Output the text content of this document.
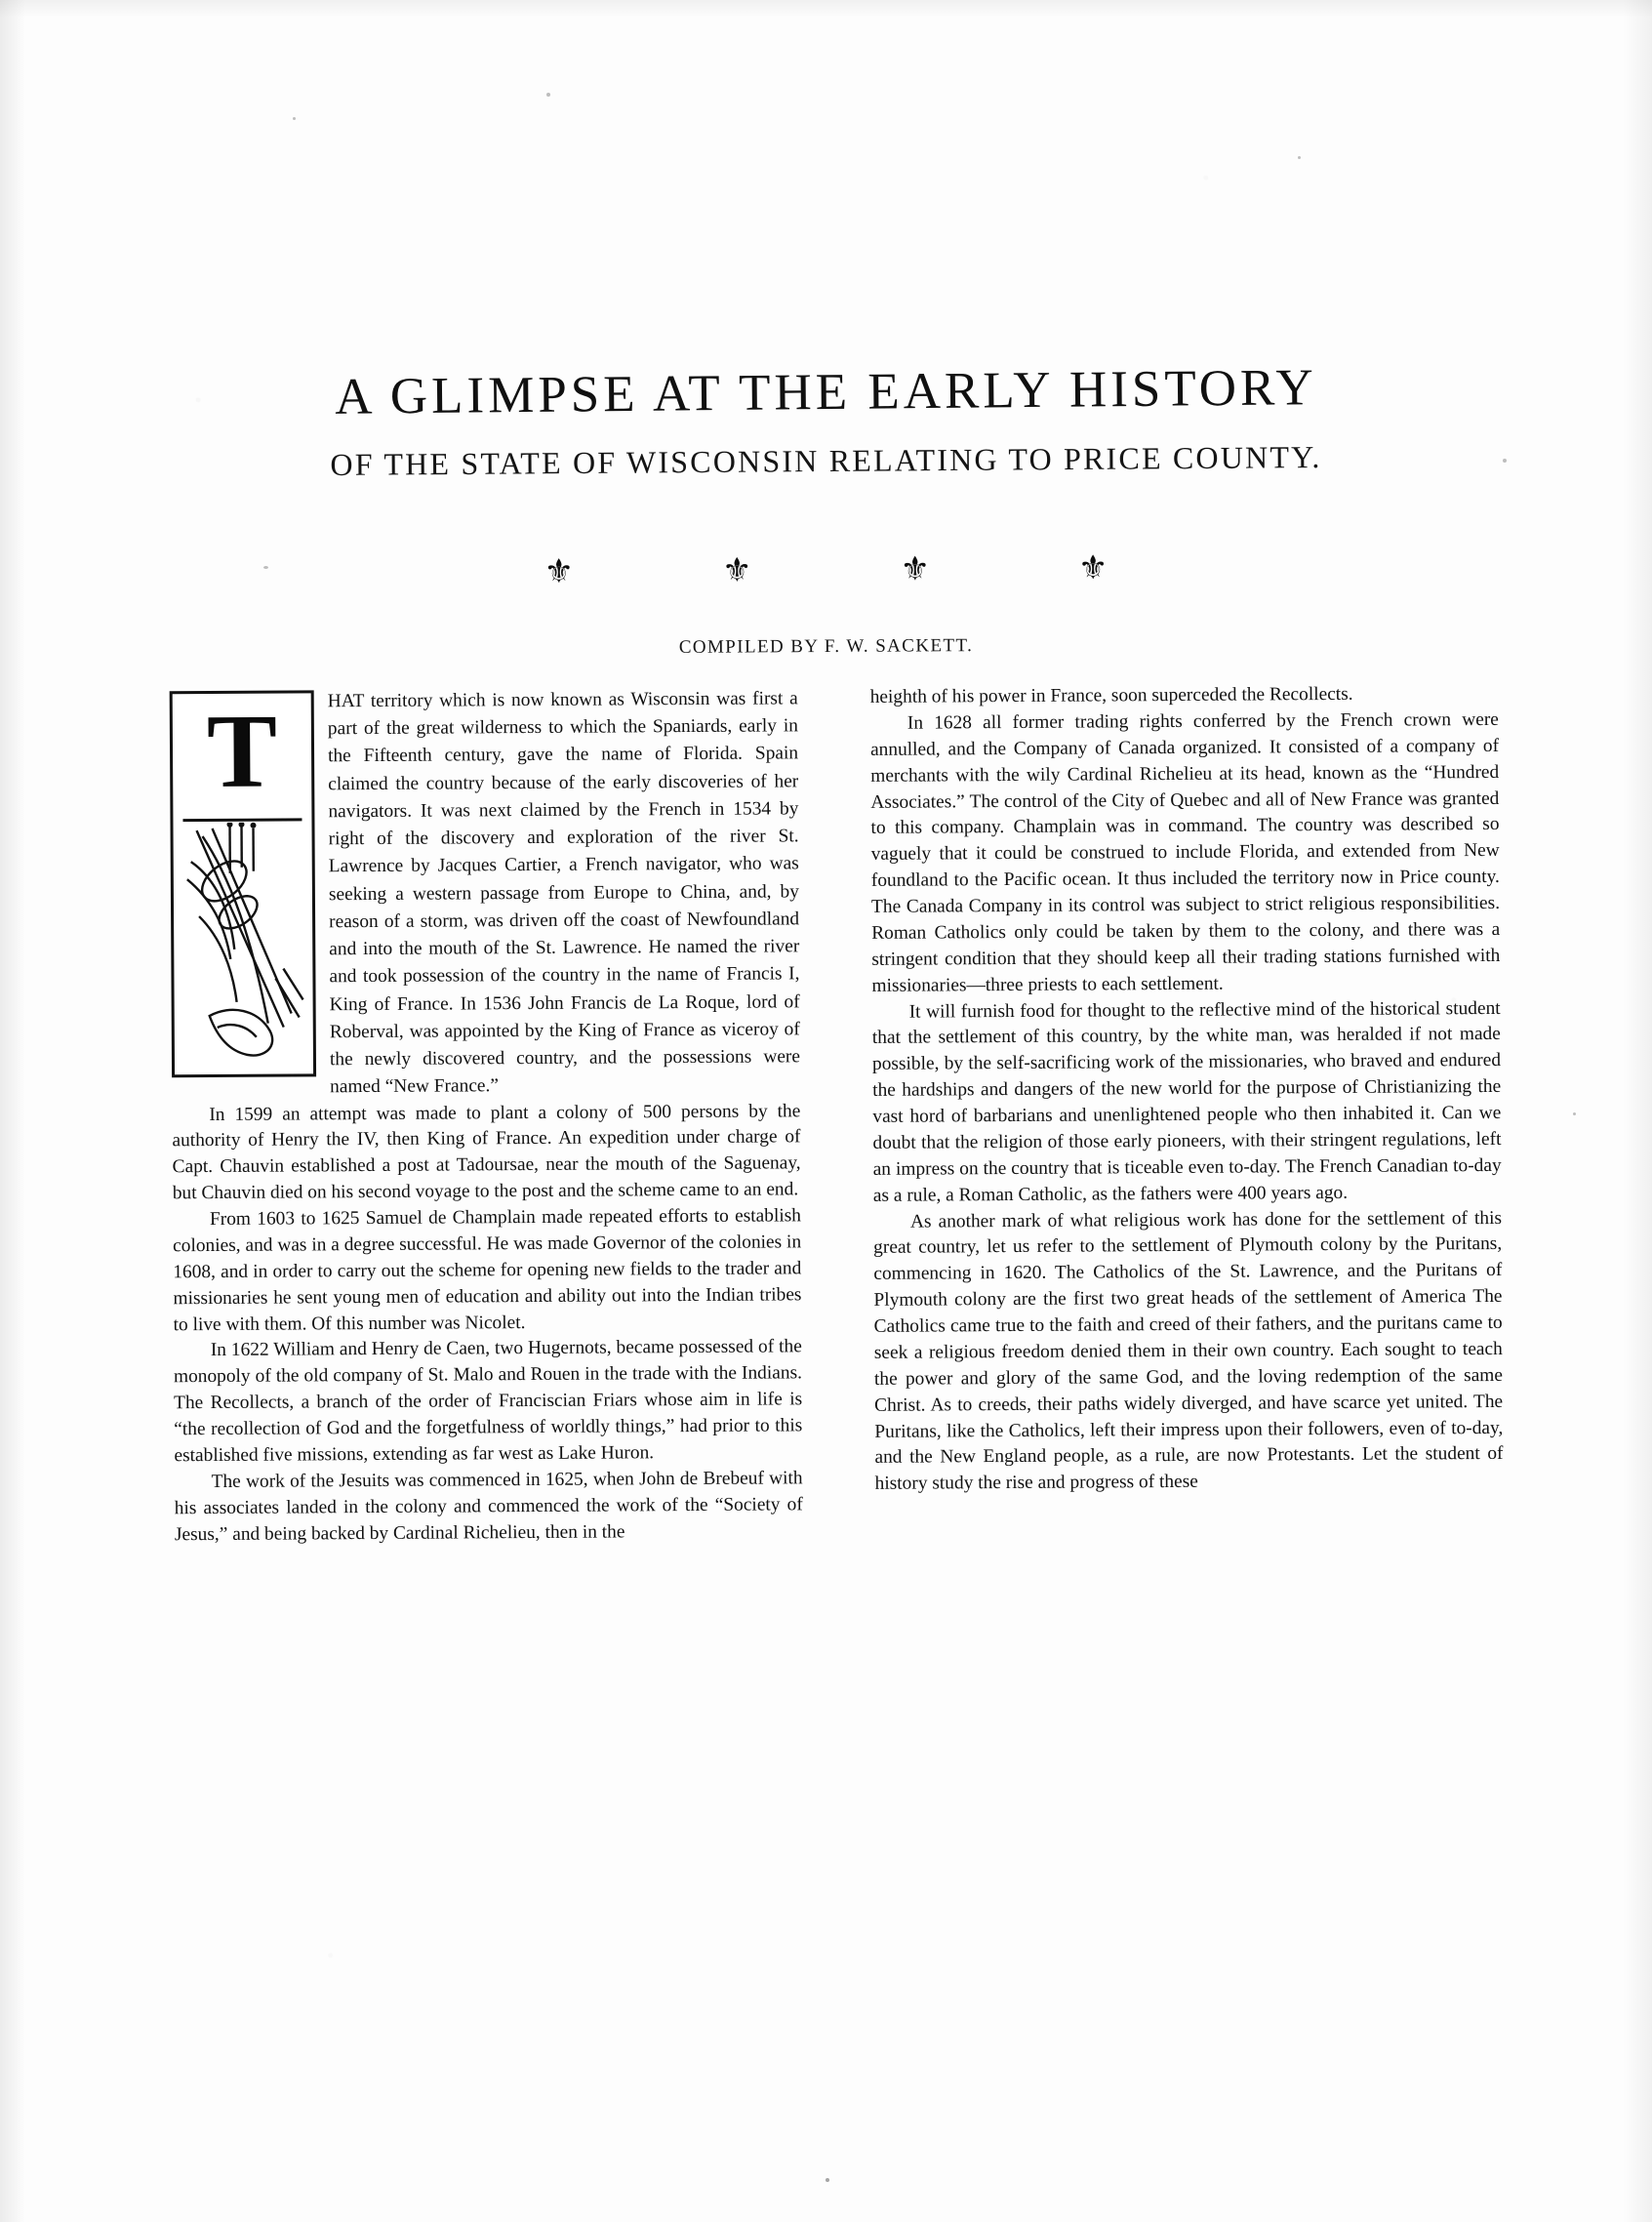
A GLIMPSE AT THE EARLY HISTORY
OF THE STATE OF WISCONSIN RELATING TO PRICE COUNTY.
⚜	⚜	⚜	⚜
COMPILED BY F. W. SACKETT.
T	HAT territory which is now known as Wisconsin was first a part of the great wilderness to which the Spaniards, early in the Fifteenth century, gave the name of Florida. Spain claimed the country because of the early discoveries of her navigators. It was next claimed by the French in 1534 by right of the discovery and exploration of the river St. Lawrence by Jacques Cartier, a French navigator, who was seeking a western passage from Europe to China, and, by reason of a storm, was driven off the coast of Newfoundland and into the mouth of the St. Lawrence. He named the river and took possession of the country in the name of Francis I, King of France. In 1536 John Francis de La Roque, lord of Roberval, was appointed by the King of France as viceroy of the newly discovered country, and the possessions were named “New France.”

In 1599 an attempt was made to plant a colony of 500 persons by the authority of Henry the IV, then King of France. An expedition under charge of Capt. Chauvin established a post at Tadoursae, near the mouth of the Saguenay, but Chauvin died on his second voyage to the post and the scheme came to an end.

From 1603 to 1625 Samuel de Champlain made repeated efforts to establish colonies, and was in a degree successful. He was made Governor of the colonies in 1608, and in order to carry out the scheme for opening new fields to the trader and missionaries he sent young men of education and ability out into the Indian tribes to live with them. Of this number was Nicolet.

In 1622 William and Henry de Caen, two Hugernots, became possessed of the monopoly of the old company of St. Malo and Rouen in the trade with the Indians. The Recollects, a branch of the order of Franciscian Friars whose aim in life is “the recollection of God and the forgetfulness of worldly things,” had prior to this established five missions, extending as far west as Lake Huron.

The work of the Jesuits was commenced in 1625, when John de Brebeuf with his associates landed in the colony and commenced the work of the “Society of Jesus,” and being backed by Cardinal Richelieu, then in the

heighth of his power in France, soon superceded the Recollects.

In 1628 all former trading rights conferred by the French crown were annulled, and the Company of Canada organized. It consisted of a company of merchants with the wily Cardinal Richelieu at its head, known as the “Hundred Associates.” The control of the City of Quebec and all of New France was granted to this company. Champlain was in command. The country was described so vaguely that it could be construed to include Florida, and extended from New foundland to the Pacific ocean. It thus included the territory now in Price county. The Canada Company in its control was subject to strict religious responsibilities. Roman Catholics only could be taken by them to the colony, and there was a stringent condition that they should keep all their trading stations furnished with missionaries—three priests to each settlement.

It will furnish food for thought to the reflective mind of the historical student that the settlement of this country, by the white man, was heralded if not made possible, by the self-sacrificing work of the missionaries, who braved and endured the hardships and dangers of the new world for the purpose of Christianizing the vast hord of barbarians and unenlightened people who then inhabited it. Can we doubt that the religion of those early pioneers, with their stringent regulations, left an impress on the country that is ticeable even to-day. The French Canadian to-day as a rule, a Roman Catholic, as the fathers were 400 years ago.

As another mark of what religious work has done for the settlement of this great country, let us refer to the settlement of Plymouth colony by the Puritans, commencing in 1620. The Catholics of the St. Lawrence, and the Puritans of Plymouth colony are the first two great heads of the settlement of America The Catholics came true to the faith and creed of their fathers, and the puritans came to seek a religious freedom denied them in their own country. Each sought to teach the power and glory of the same God, and the loving redemption of the same Christ. As to creeds, their paths widely diverged, and have scarce yet united. The Puritans, like the Catholics, left their impress upon their followers, even of to-day, and the New England people, as a rule, are now Protestants. Let the student of history study the rise and progress of these
